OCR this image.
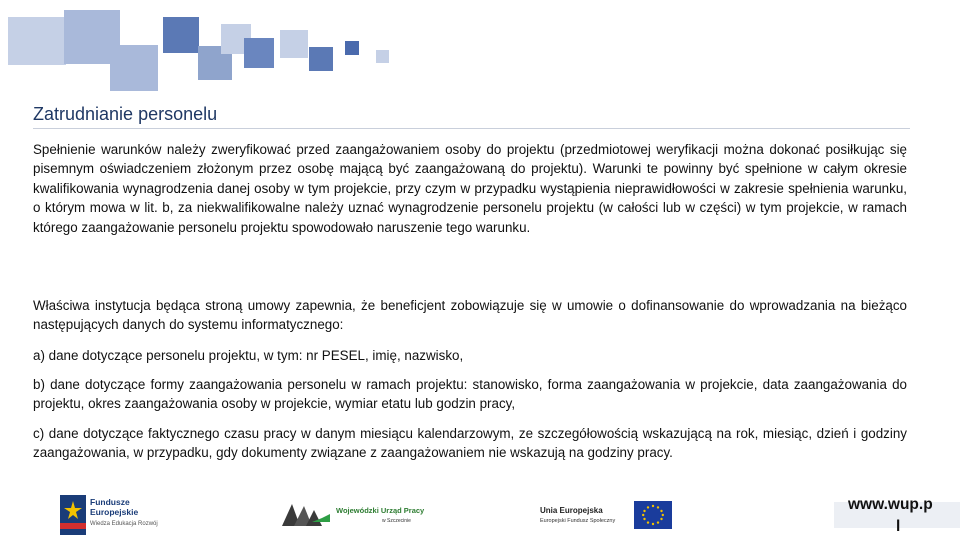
Zatrudnianie personelu

Spełnienie warunków należy zweryfikować przed zaangażowaniem osoby do projektu (przedmiotowej weryfikacji można dokonać posiłkując się pisemnym oświadczeniem złożonym przez osobę mającą być zaangażowaną do projektu). Warunki te powinny być spełnione w całym okresie kwalifikowania wynagrodzenia danej osoby w tym projekcie, przy czym w przypadku wystąpienia nieprawidłowości w zakresie spełnienia warunku, o którym mowa w lit. b, za niekwalifikowalne należy uznać wynagrodzenie personelu projektu (w całości lub w części) w tym projekcie, w ramach którego zaangażowanie personelu projektu spowodowało naruszenie tego warunku.

Właściwa instytucja będąca stroną umowy zapewnia, że beneficjent zobowiązuje się w umowie o dofinansowanie do wprowadzania na bieżąco następujących danych do systemu informatycznego:

a) dane dotyczące personelu projektu, w tym: nr PESEL, imię, nazwisko,

b) dane dotyczące formy zaangażowania personelu w ramach projektu: stanowisko, forma zaangażowania w projekcie, data zaangażowania do projektu, okres zaangażowania osoby w projekcie, wymiar etatu lub godzin pracy,

c) dane dotyczące faktycznego czasu pracy w danym miesiącu kalendarzowym, ze szczegółowością wskazującą na rok, miesiąc, dzień i godziny zaangażowania, w przypadku, gdy dokumenty związane z zaangażowaniem nie wskazują na godziny pracy.

Fundusze
Europejskie
Wiedza Edukacja Rozwój
Wojewódzki Urząd Pracy
w Szczecinie
Unia Europejska
Europejski Fundusz Społeczny
www.wup.p
l
